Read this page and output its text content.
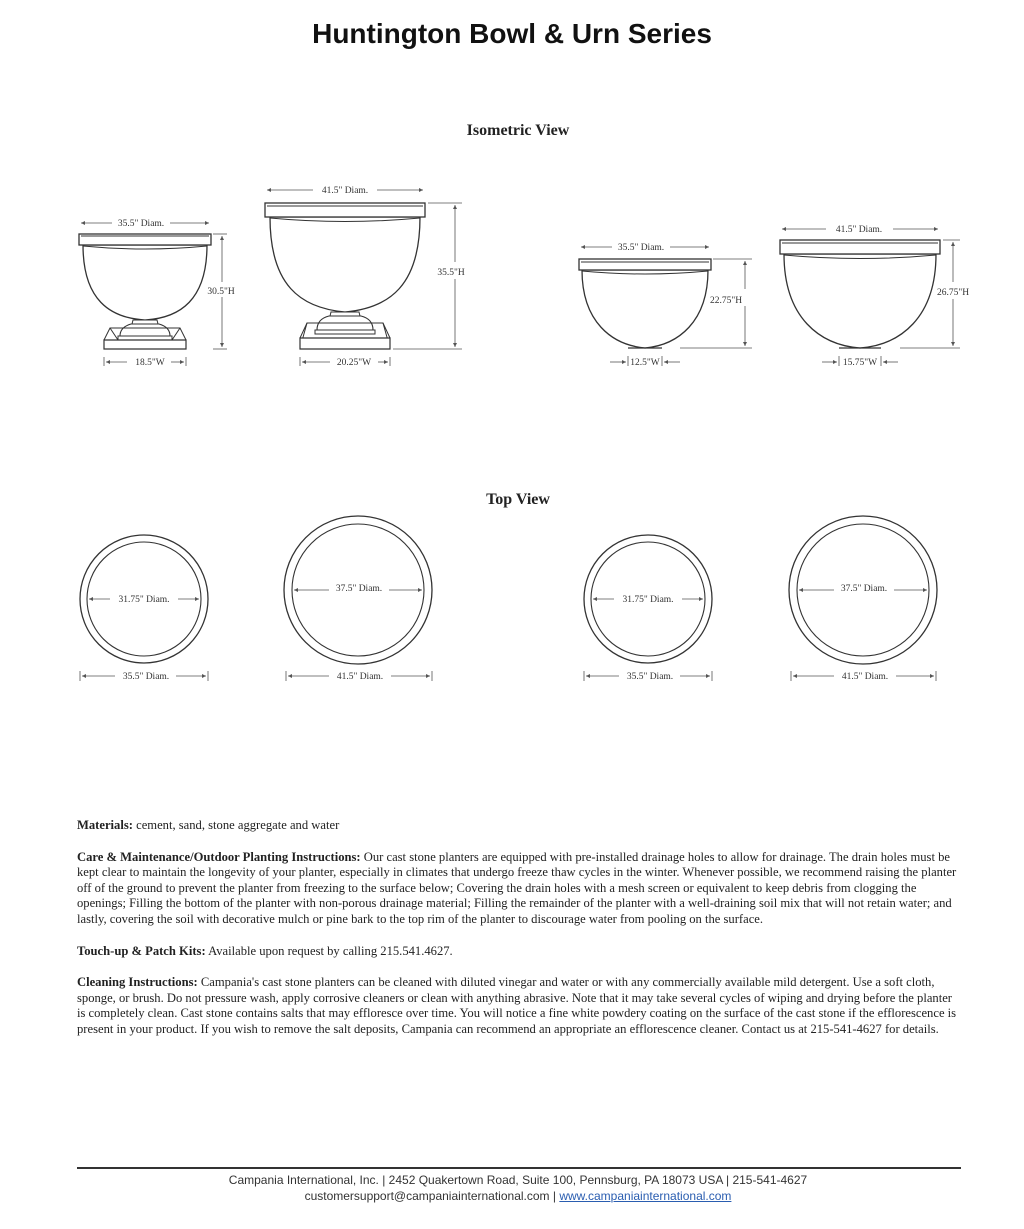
Huntington Bowl & Urn Series
Isometric View
Top View
35.5" Diam.
30.5"H
18.5"W
41.5" Diam.
35.5"H
20.25"W
35.5" Diam.
22.75"H
12.5"W
41.5" Diam.
26.75"H
15.75"W
31.75" Diam.
35.5" Diam.
37.5" Diam.
41.5" Diam.
31.75" Diam.
35.5" Diam.
37.5" Diam.
41.5" Diam.

Materials: cement, sand, stone aggregate and water

Care & Maintenance/Outdoor Planting Instructions: Our cast stone planters are equipped with pre-installed drainage holes to allow for drainage. The drain holes must be kept clear to maintain the longevity of your planter, especially in climates that undergo freeze thaw cycles in the winter. Whenever possible, we recommend raising the planter off of the ground to prevent the planter from freezing to the surface below; Covering the drain holes with a mesh screen or equivalent to keep debris from clogging the openings; Filling the bottom of the planter with non-porous drainage material; Filling the remainder of the planter with a well-draining soil mix that will not retain water; and lastly, covering the soil with decorative mulch or pine bark to the top rim of the planter to discourage water from pooling on the surface.

Touch-up & Patch Kits: Available upon request by calling 215.541.4627.

Cleaning Instructions: Campania's cast stone planters can be cleaned with diluted vinegar and water or with any commercially available mild detergent. Use a soft cloth, sponge, or brush. Do not pressure wash, apply corrosive cleaners or clean with anything abrasive. Note that it may take several cycles of wiping and drying before the planter is completely clean. Cast stone contains salts that may effloresce over time. You will notice a fine white powdery coating on the surface of the cast stone if the efflorescence is present in your product. If you wish to remove the salt deposits, Campania can recommend an appropriate an efflorescence cleaner. Contact us at 215-541-4627 for details.

Campania International, Inc. | 2452 Quakertown Road, Suite 100, Pennsburg, PA 18073 USA | 215-541-4627
customersupport@campaniainternational.com | www.campaniainternational.com
